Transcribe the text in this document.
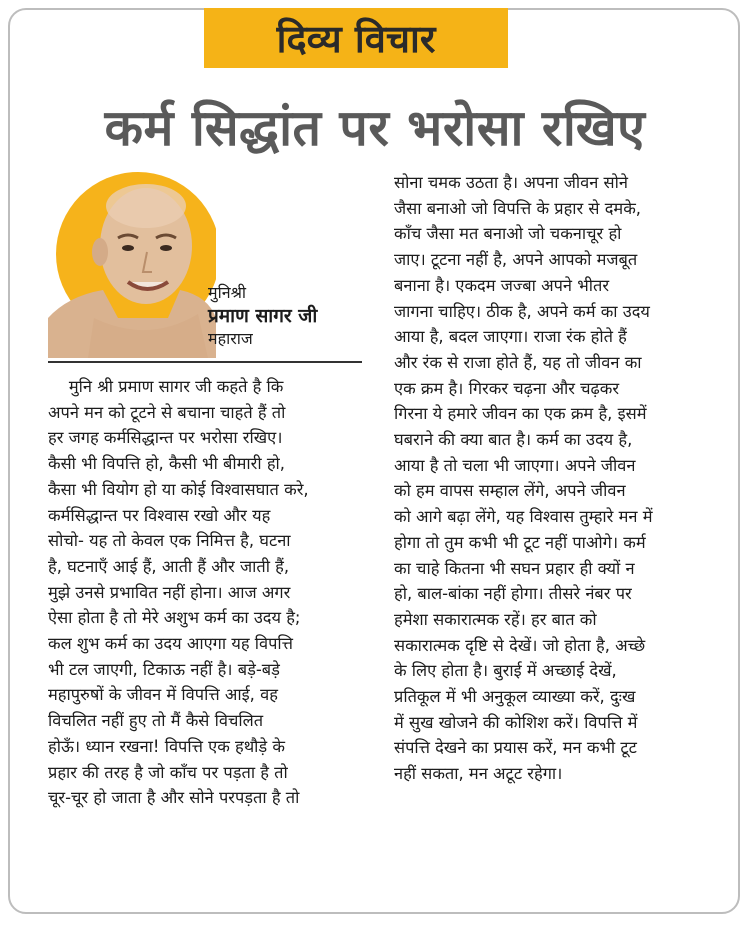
दिव्य विचार
कर्म सिद्धांत पर भरोसा रखिए
मुनिश्री
प्रमाण सागर जी
महाराज
मुनि श्री प्रमाण सागर जी कहते है कि
अपने मन को टूटने से बचाना चाहते हैं तो
हर जगह कर्मसिद्धान्त पर भरोसा रखिए।
कैसी भी विपत्ति हो, कैसी भी बीमारी हो,
कैसा भी वियोग हो या कोई विश्वासघात करे,
कर्मसिद्धान्त पर विश्वास रखो और यह
सोचो- यह तो केवल एक निमित्त है, घटना
है, घटनाएँ आई हैं, आती हैं और जाती हैं,
मुझे उनसे प्रभावित नहीं होना। आज अगर
ऐसा होता है तो मेरे अशुभ कर्म का उदय है;
कल शुभ कर्म का उदय आएगा यह विपत्ति
भी टल जाएगी, टिकाऊ नहीं है। बड़े-बड़े
महापुरुषों के जीवन में विपत्ति आई, वह
विचलित नहीं हुए तो मैं कैसे विचलित
होऊँ। ध्यान रखना! विपत्ति एक हथौड़े के
प्रहार की तरह है जो काँच पर पड़ता है तो
चूर-चूर हो जाता है और सोने परपड़ता है तो
सोना चमक उठता है। अपना जीवन सोने
जैसा बनाओ जो विपत्ति के प्रहार से दमके,
काँच जैसा मत बनाओ जो चकनाचूर हो
जाए। टूटना नहीं है, अपने आपको मजबूत
बनाना है। एकदम जज्बा अपने भीतर
जागना चाहिए। ठीक है, अपने कर्म का उदय
आया है, बदल जाएगा। राजा रंक होते हैं
और रंक से राजा होते हैं, यह तो जीवन का
एक क्रम है। गिरकर चढ़ना और चढ़कर
गिरना ये हमारे जीवन का एक क्रम है, इसमें
घबराने की क्या बात है। कर्म का उदय है,
आया है तो चला भी जाएगा। अपने जीवन
को हम वापस सम्हाल लेंगे, अपने जीवन
को आगे बढ़ा लेंगे, यह विश्वास तुम्हारे मन में
होगा तो तुम कभी भी टूट नहीं पाओगे। कर्म
का चाहे कितना भी सघन प्रहार ही क्यों न
हो, बाल-बांका नहीं होगा। तीसरे नंबर पर
हमेशा सकारात्मक रहें। हर बात को
सकारात्मक दृष्टि से देखें। जो होता है, अच्छे
के लिए होता है। बुराई में अच्छाई देखें,
प्रतिकूल में भी अनुकूल व्याख्या करें, दुःख
में सुख खोजने की कोशिश करें। विपत्ति में
संपत्ति देखने का प्रयास करें, मन कभी टूट
नहीं सकता, मन अटूट रहेगा।
